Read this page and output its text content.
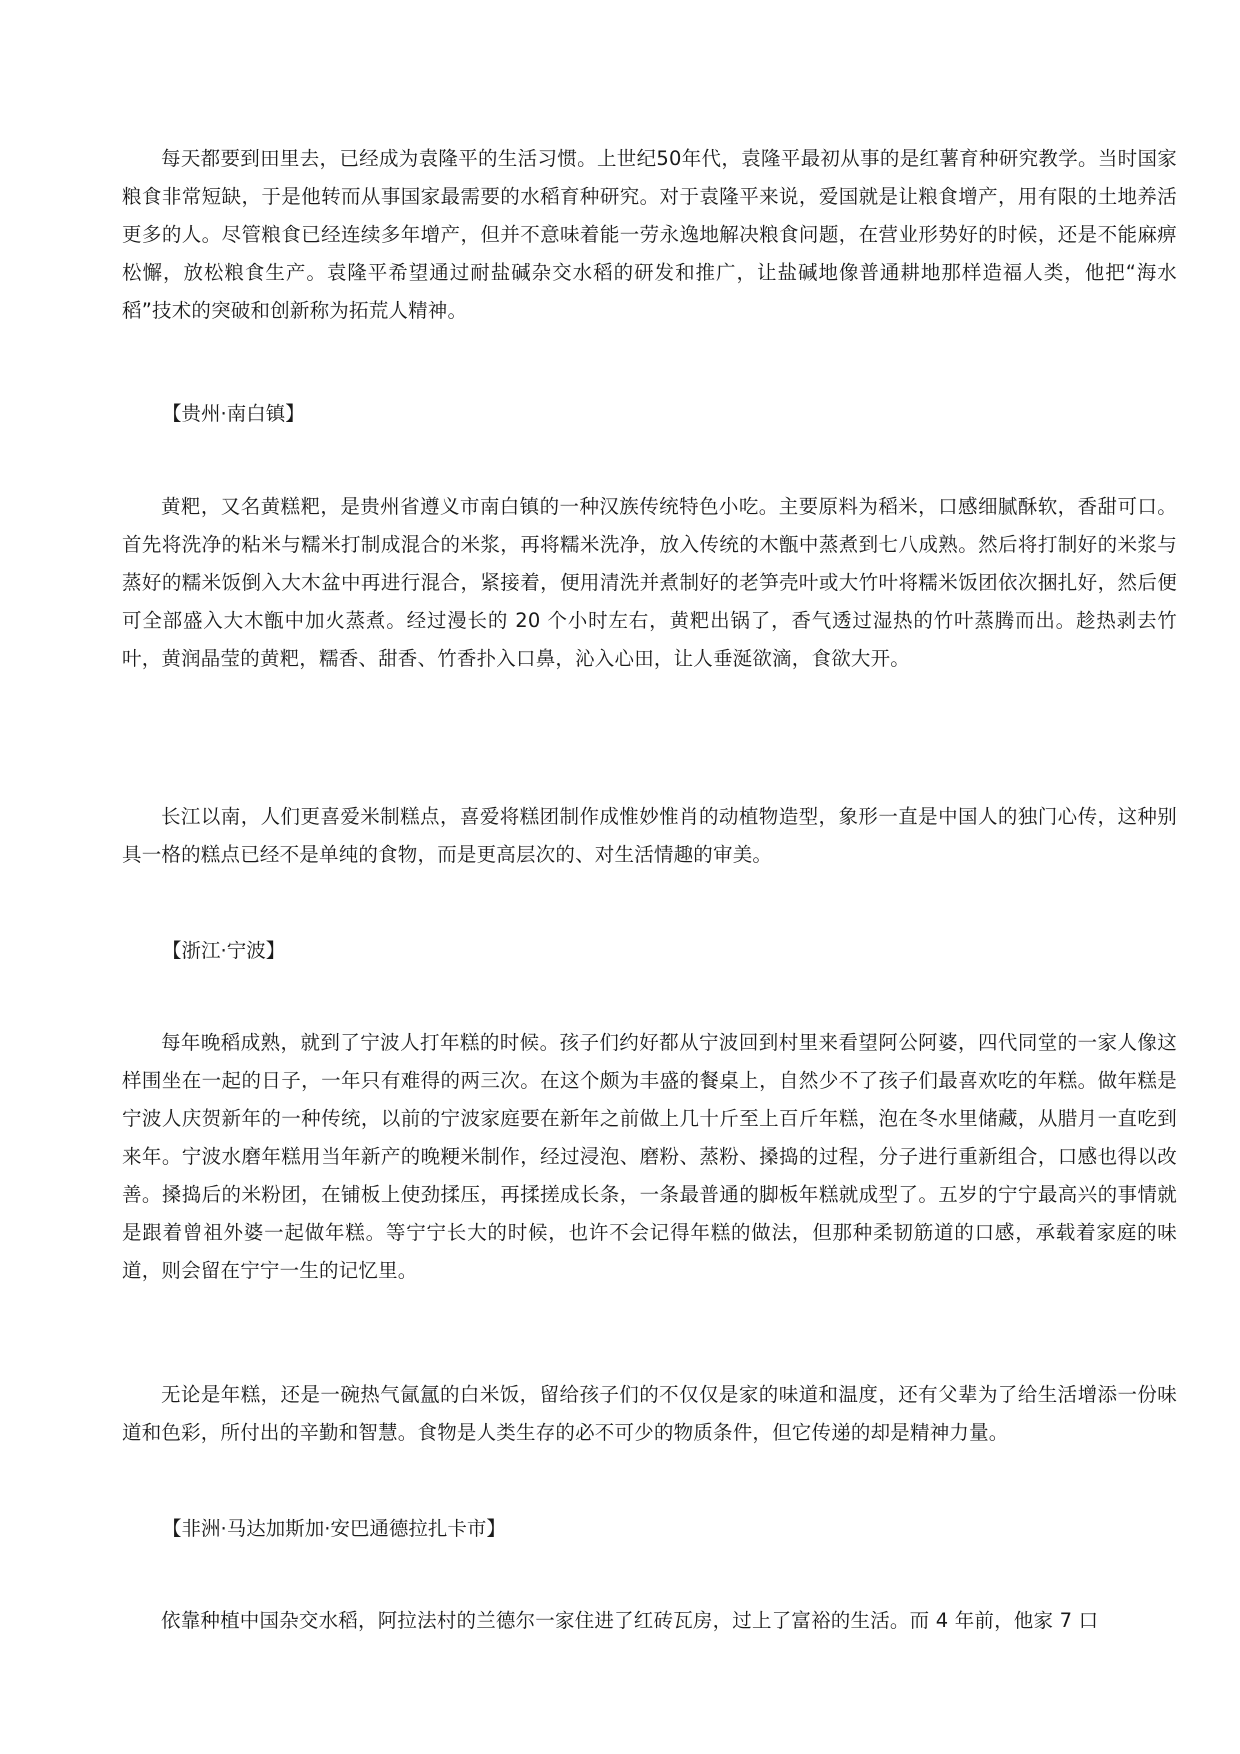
每天都要到田里去，已经成为袁隆平的生活习惯。上世纪50年代，袁隆平最初从事的是红薯育种研究教学。当时国家粮食非常短缺，于是他转而从事国家最需要的水稻育种研究。对于袁隆平来说，爱国就是让粮食增产，用有限的土地养活更多的人。尽管粮食已经连续多年增产，但并不意味着能一劳永逸地解决粮食问题，在营业形势好的时候，还是不能麻痹松懈，放松粮食生产。袁隆平希望通过耐盐碱杂交水稻的研发和推广，让盐碱地像普通耕地那样造福人类，他把“海水稻”技术的突破和创新称为拓荒人精神。

【贵州·南白镇】

黄粑，又名黄糕粑，是贵州省遵义市南白镇的一种汉族传统特色小吃。主要原料为稻米，口感细腻酥软，香甜可口。首先将洗净的粘米与糯米打制成混合的米浆，再将糯米洗净，放入传统的木甑中蒸煮到七八成熟。然后将打制好的米浆与蒸好的糯米饭倒入大木盆中再进行混合，紧接着，便用清洗并煮制好的老笋壳叶或大竹叶将糯米饭团依次捆扎好，然后便可全部盛入大木甑中加火蒸煮。经过漫长的 20 个小时左右，黄粑出锅了，香气透过湿热的竹叶蒸腾而出。趁热剥去竹叶，黄润晶莹的黄粑，糯香、甜香、竹香扑入口鼻，沁入心田，让人垂涎欲滴，食欲大开。

长江以南，人们更喜爱米制糕点，喜爱将糕团制作成惟妙惟肖的动植物造型，象形一直是中国人的独门心传，这种别具一格的糕点已经不是单纯的食物，而是更高层次的、对生活情趣的审美。

【浙江·宁波】

每年晚稻成熟，就到了宁波人打年糕的时候。孩子们约好都从宁波回到村里来看望阿公阿婆，四代同堂的一家人像这样围坐在一起的日子，一年只有难得的两三次。在这个颇为丰盛的餐桌上，自然少不了孩子们最喜欢吃的年糕。做年糕是宁波人庆贺新年的一种传统，以前的宁波家庭要在新年之前做上几十斤至上百斤年糕，泡在冬水里储藏，从腊月一直吃到来年。宁波水磨年糕用当年新产的晚粳米制作，经过浸泡、磨粉、蒸粉、搡捣的过程，分子进行重新组合，口感也得以改善。搡捣后的米粉团，在铺板上使劲揉压，再揉搓成长条，一条最普通的脚板年糕就成型了。五岁的宁宁最高兴的事情就是跟着曾祖外婆一起做年糕。等宁宁长大的时候，也许不会记得年糕的做法，但那种柔韧筋道的口感，承载着家庭的味道，则会留在宁宁一生的记忆里。

无论是年糕，还是一碗热气氤氲的白米饭，留给孩子们的不仅仅是家的味道和温度，还有父辈为了给生活增添一份味道和色彩，所付出的辛勤和智慧。食物是人类生存的必不可少的物质条件，但它传递的却是精神力量。

【非洲·马达加斯加·安巴通德拉扎卡市】

依靠种植中国杂交水稻，阿拉法村的兰德尔一家住进了红砖瓦房，过上了富裕的生活。而 4 年前，他家 7 口
